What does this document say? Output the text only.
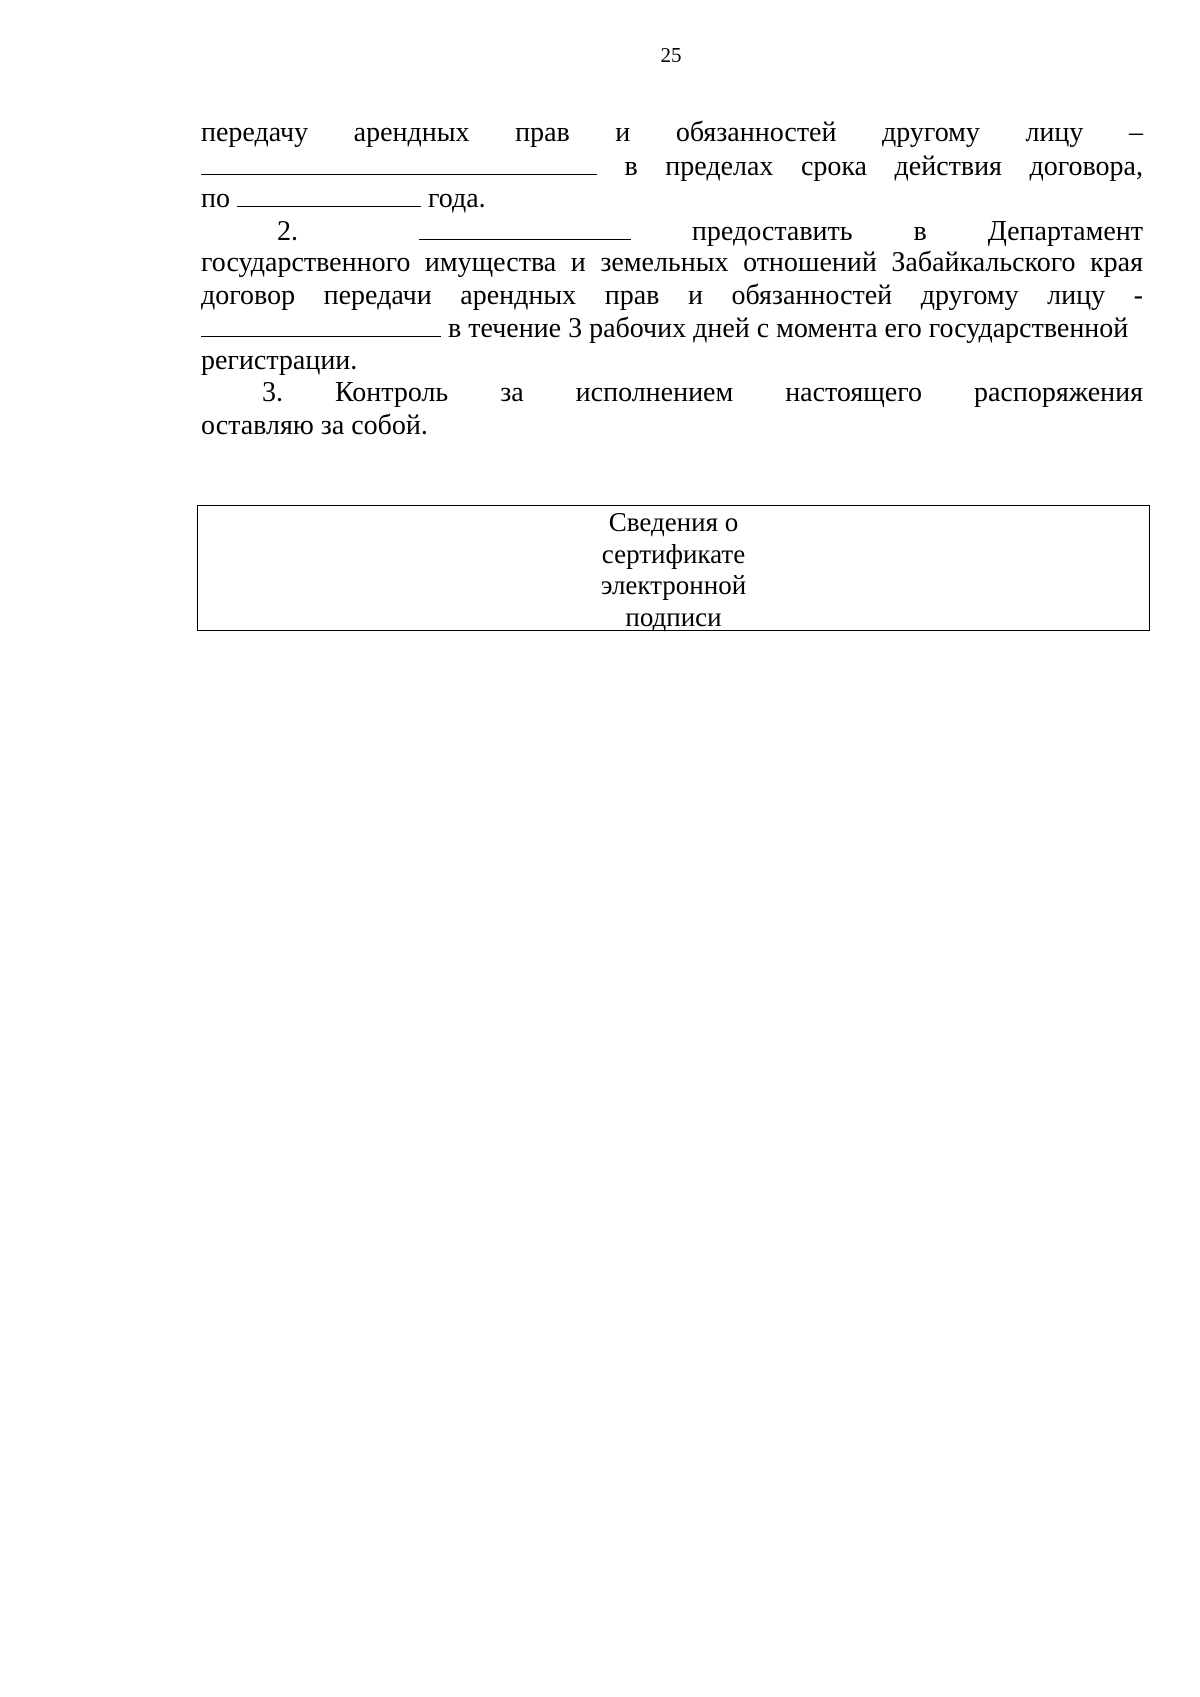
25
передачу арендных прав и обязанностей другому лицу –
в пределах срока действия договора,
по	года.
2.	предоставить в Департамент
государственного имущества и земельных отношений Забайкальского края
договор передачи арендных прав и обязанностей другому лицу -
в течение 3 рабочих дней с момента его государственной
регистрации.
3. Контроль за исполнением настоящего распоряжения
оставляю за собой.
Сведения о
сертификате
электронной
подписи
